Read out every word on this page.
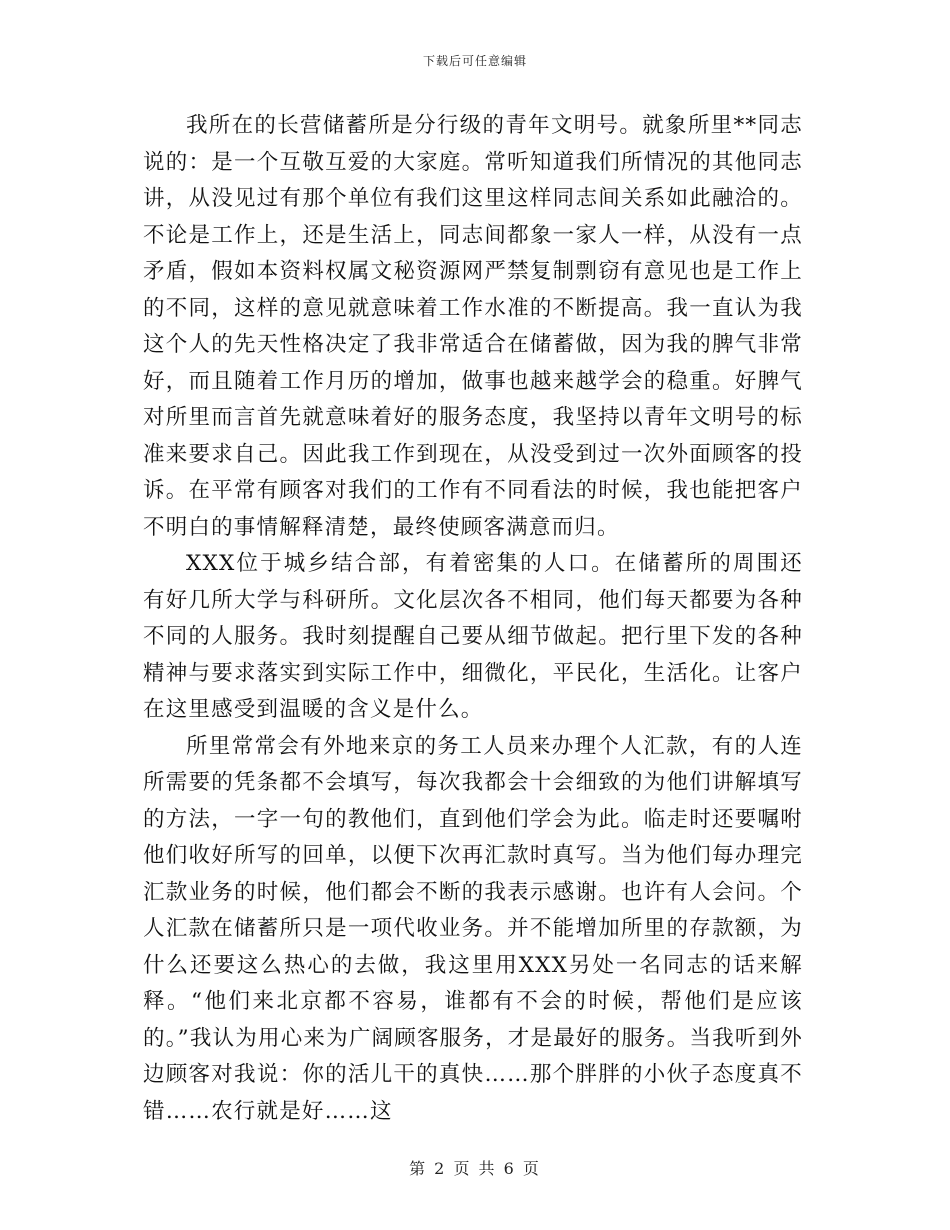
下载后可任意编辑

我所在的长营储蓄所是分行级的青年文明号。就象所里**同志说的：是一个互敬互爱的大家庭。常听知道我们所情况的其他同志讲，从没见过有那个单位有我们这里这样同志间关系如此融洽的。不论是工作上，还是生活上，同志间都象一家人一样，从没有一点矛盾，假如本资料权属文秘资源网严禁复制剽窃有意见也是工作上的不同，这样的意见就意味着工作水准的不断提高。我一直认为我这个人的先天性格决定了我非常适合在储蓄做，因为我的脾气非常好，而且随着工作月历的增加，做事也越来越学会的稳重。好脾气对所里而言首先就意味着好的服务态度，我坚持以青年文明号的标准来要求自己。因此我工作到现在，从没受到过一次外面顾客的投诉。在平常有顾客对我们的工作有不同看法的时候，我也能把客户不明白的事情解释清楚，最终使顾客满意而归。

XXX位于城乡结合部，有着密集的人口。在储蓄所的周围还有好几所大学与科研所。文化层次各不相同，他们每天都要为各种不同的人服务。我时刻提醒自己要从细节做起。把行里下发的各种精神与要求落实到实际工作中，细微化，平民化，生活化。让客户在这里感受到温暖的含义是什么。

所里常常会有外地来京的务工人员来办理个人汇款，有的人连所需要的凭条都不会填写，每次我都会十会细致的为他们讲解填写的方法，一字一句的教他们，直到他们学会为此。临走时还要嘱咐他们收好所写的回单，以便下次再汇款时真写。当为他们每办理完汇款业务的时候，他们都会不断的我表示感谢。也许有人会问。个人汇款在储蓄所只是一项代收业务。并不能增加所里的存款额，为什么还要这么热心的去做，我这里用XXX另处一名同志的话来解释。“他们来北京都不容易，谁都有不会的时候，帮他们是应该的。”我认为用心来为广阔顾客服务，才是最好的服务。当我听到外边顾客对我说：你的活儿干的真快……那个胖胖的小伙子态度真不错……农行就是好……这

第 2 页 共 6 页
